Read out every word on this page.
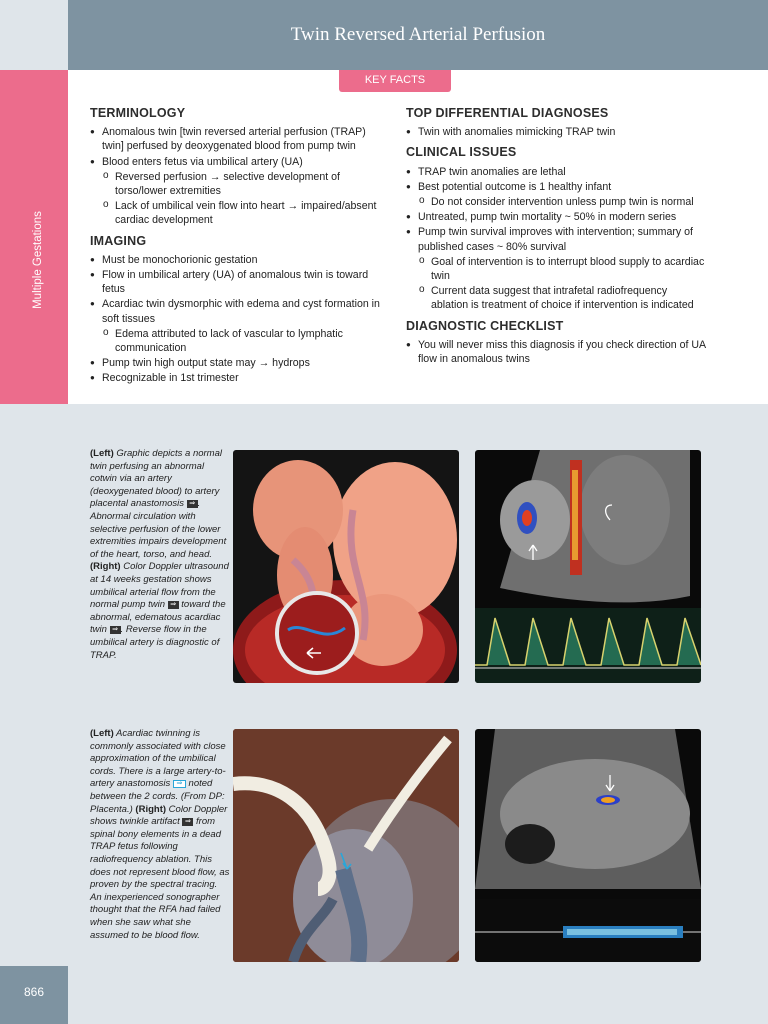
Twin Reversed Arterial Perfusion
Multiple Gestations
KEY FACTS
TERMINOLOGY
● Anomalous twin [twin reversed arterial perfusion (TRAP) twin] perfused by deoxygenated blood from pump twin
● Blood enters fetus via umbilical artery (UA)
o Reversed perfusion → selective development of torso/lower extremities
o Lack of umbilical vein flow into heart → impaired/absent cardiac development
IMAGING
● Must be monochorionic gestation
● Flow in umbilical artery (UA) of anomalous twin is toward fetus
● Acardiac twin dysmorphic with edema and cyst formation in soft tissues
o Edema attributed to lack of vascular to lymphatic communication
● Pump twin high output state may → hydrops
● Recognizable in 1st trimester
TOP DIFFERENTIAL DIAGNOSES
● Twin with anomalies mimicking TRAP twin
CLINICAL ISSUES
● TRAP twin anomalies are lethal
● Best potential outcome is 1 healthy infant
o Do not consider intervention unless pump twin is normal
● Untreated, pump twin mortality ~ 50% in modern series
● Pump twin survival improves with intervention; summary of published cases ~ 80% survival
o Goal of intervention is to interrupt blood supply to acardiac twin
o Current data suggest that intrafetal radiofrequency ablation is treatment of choice if intervention is indicated
DIAGNOSTIC CHECKLIST
● You will never miss this diagnosis if you check direction of UA flow in anomalous twins
(Left) Graphic depicts a normal twin perfusing an abnormal cotwin via an artery (deoxygenated blood) to artery placental anastomosis ⇒ . Abnormal circulation with selective perfusion of the lower extremities impairs development of the heart, torso, and head. (Right) Color Doppler ultrasound at 14 weeks gestation shows umbilical arterial flow from the normal pump twin ⇒ toward the abnormal, edematous acardiac twin ⇒ . Reverse flow in the umbilical artery is diagnostic of TRAP.
(Left) Acardiac twinning is commonly associated with close approximation of the umbilical cords. There is a large artery-to-artery anastomosis ⇒ noted between the 2 cords. (From DP: Placenta.) (Right) Color Doppler shows twinkle artifact ⇒ from spinal bony elements in a dead TRAP fetus following radiofrequency ablation. This does not represent blood flow, as proven by the spectral tracing. An inexperienced sonographer thought that the RFA had failed when she saw what she assumed to be blood flow.
866
